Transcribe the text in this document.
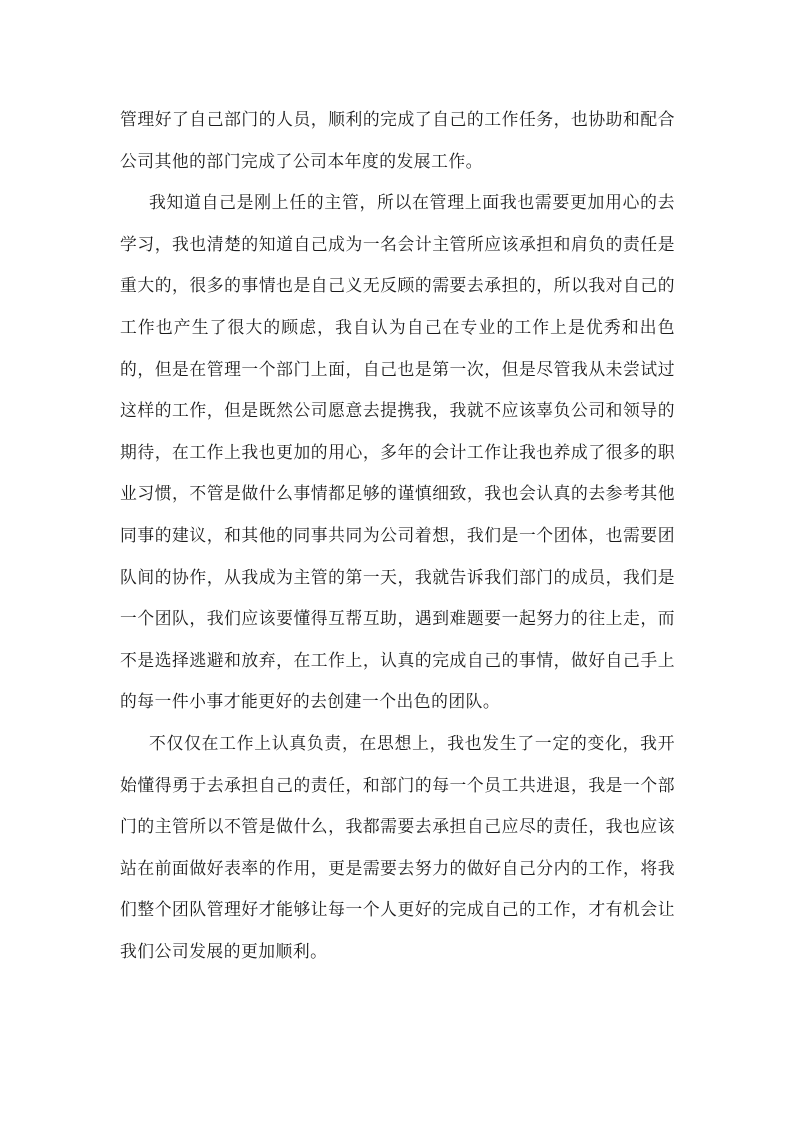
管理好了自己部门的人员，顺利的完成了自己的工作任务，也协助和配合公司其他的部门完成了公司本年度的发展工作。

我知道自己是刚上任的主管，所以在管理上面我也需要更加用心的去学习，我也清楚的知道自己成为一名会计主管所应该承担和肩负的责任是重大的，很多的事情也是自己义无反顾的需要去承担的，所以我对自己的工作也产生了很大的顾虑，我自认为自己在专业的工作上是优秀和出色的，但是在管理一个部门上面，自己也是第一次，但是尽管我从未尝试过这样的工作，但是既然公司愿意去提携我，我就不应该辜负公司和领导的期待，在工作上我也更加的用心，多年的会计工作让我也养成了很多的职业习惯，不管是做什么事情都足够的谨慎细致，我也会认真的去参考其他同事的建议，和其他的同事共同为公司着想，我们是一个团体，也需要团队间的协作，从我成为主管的第一天，我就告诉我们部门的成员，我们是一个团队，我们应该要懂得互帮互助，遇到难题要一起努力的往上走，而不是选择逃避和放弃，在工作上，认真的完成自己的事情，做好自己手上的每一件小事才能更好的去创建一个出色的团队。

不仅仅在工作上认真负责，在思想上，我也发生了一定的变化，我开始懂得勇于去承担自己的责任，和部门的每一个员工共进退，我是一个部门的主管所以不管是做什么，我都需要去承担自己应尽的责任，我也应该站在前面做好表率的作用，更是需要去努力的做好自己分内的工作，将我们整个团队管理好才能够让每一个人更好的完成自己的工作，才有机会让我们公司发展的更加顺利。
